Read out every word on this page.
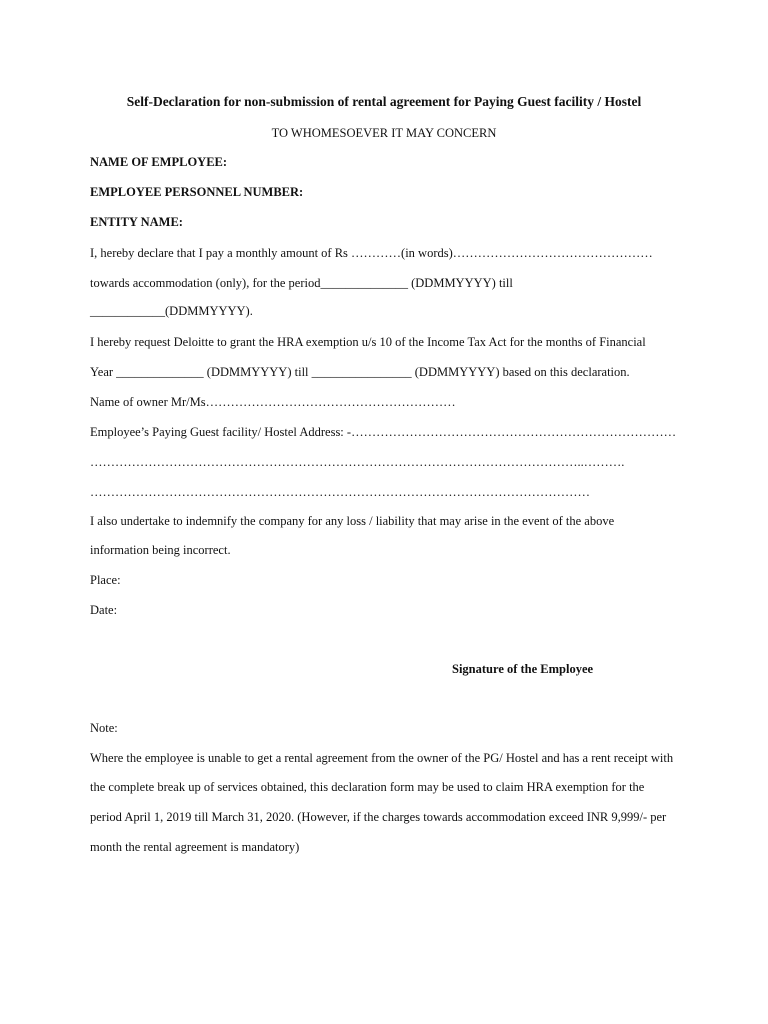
Self-Declaration for non-submission of rental agreement for Paying Guest facility / Hostel
TO WHOMESOEVER IT MAY CONCERN
NAME OF EMPLOYEE:
EMPLOYEE PERSONNEL NUMBER:
ENTITY NAME:
I, hereby declare that I pay a monthly amount of Rs …………(in words)…………………………………………
towards accommodation (only), for the period______________ (DDMMYYYY) till
____________(DDMMYYYY).
I hereby request Deloitte to grant the HRA exemption u/s 10 of the Income Tax Act for the months of Financial
Year ______________ (DDMMYYYY) till ________________ (DDMMYYYY) based on this declaration.
Name of owner Mr/Ms……………………………………………………
Employee’s Paying Guest facility/ Hostel Address: -……………………………………………………………………
………………………………………………………………………………………………………..……….
…………………………………………………………………………………………………………
I also undertake to indemnify the company for any loss / liability that may arise in the event of the above
information being incorrect.
Place:
Date:
Signature of the Employee
Note:
Where the employee is unable to get a rental agreement from the owner of the PG/ Hostel and has a rent receipt with
the complete break up of services obtained, this declaration form may be used to claim HRA exemption for the
period April 1, 2019 till March 31, 2020. (However, if the charges towards accommodation exceed INR 9,999/- per
month the rental agreement is mandatory)
